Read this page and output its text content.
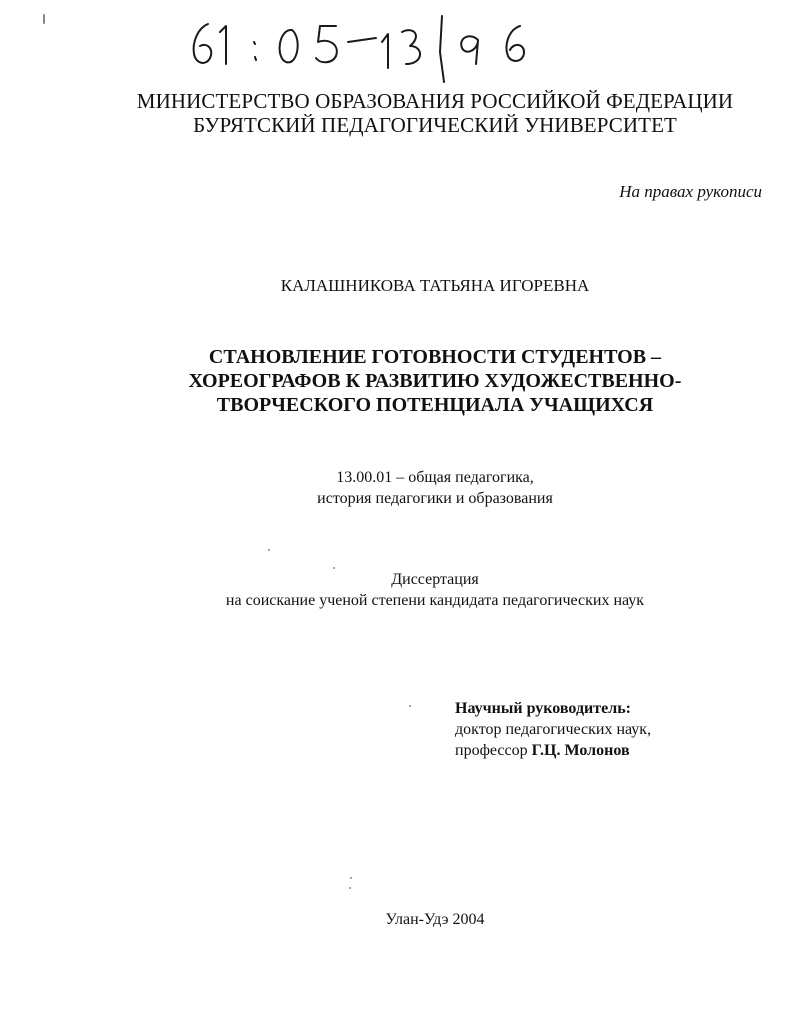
МИНИСТЕРСТВО ОБРАЗОВАНИЯ РОССИЙКОЙ ФЕДЕРАЦИИ
БУРЯТСКИЙ ПЕДАГОГИЧЕСКИЙ УНИВЕРСИТЕТ
На правах рукописи
КАЛАШНИКОВА ТАТЬЯНА ИГОРЕВНА
СТАНОВЛЕНИЕ ГОТОВНОСТИ СТУДЕНТОВ –
ХОРЕОГРАФОВ К РАЗВИТИЮ ХУДОЖЕСТВЕННО-
ТВОРЧЕСКОГО ПОТЕНЦИАЛА УЧАЩИХСЯ
13.00.01 – общая педагогика,
история педагогики и образования
Диссертация
на соискание ученой степени кандидата педагогических наук
Научный руководитель:
доктор педагогических наук,
профессор Г.Ц. Молонов
Улан-Удэ 2004
